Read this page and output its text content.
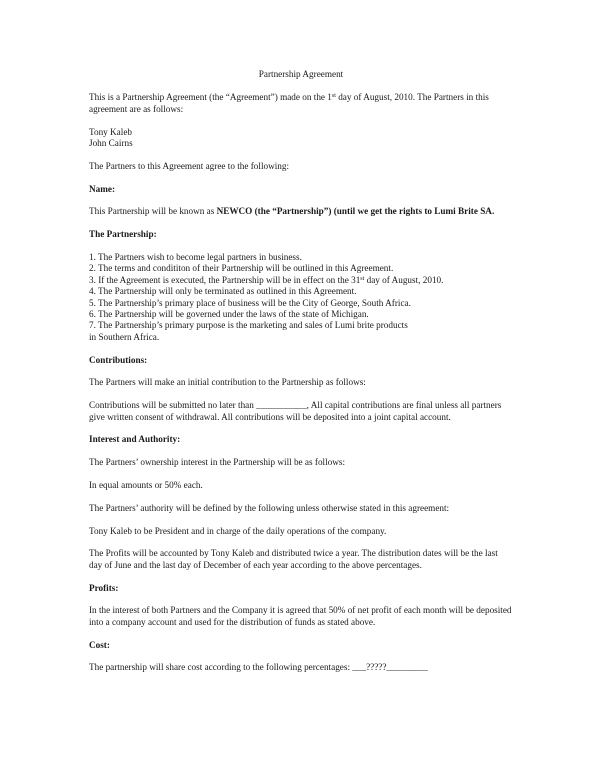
Partnership Agreement

This is a Partnership Agreement (the “Agreement”) made on the 1st day of August, 2010. The Partners in this agreement are as follows:

Tony Kaleb

John Cairns

The Partners to this Agreement agree to the following:

Name:

This Partnership will be known as NEWCO (the “Partnership”) (until we get the rights to Lumi Brite SA.

The Partnership:

1. The Partners wish to become legal partners in business.
2. The terms and condititon of their Partnership will be outlined in this Agreement.
3. If the Agreement is executed, the Partnership will be in effect on the 31st day of August, 2010.
4. The Partnership will only be terminated as outlined in this Agreement.
5. The Partnership’s primary place of business will be the City of George, South Africa.
6. The Partnership will be governed under the laws of the state of Michigan.
7. The Partnership’s primary purpose is the marketing and sales of Lumi brite products
in Southern Africa.

Contributions:

The Partners will make an initial contribution to the Partnership as follows:

Contributions will be submitted no later than ___________, All capital contributions are final unless all partners give written consent of withdrawal. All contributions will be deposited into a joint capital account.

Interest and Authority:

The Partners’ ownership interest in the Partnership will be as follows:

In equal amounts or 50% each.

The Partners’ authority will be defined by the following unless otherwise stated in this agreement:

Tony Kaleb to be President and in charge of the daily operations of the company.

The Profits will be accounted by Tony Kaleb and distributed twice a year. The distribution dates will be the last day of June and the last day of December of each year according to the above percentages.

Profits:

In the interest of both Partners and the Company it is agreed that 50% of net profit of each month will be deposited into a company account and used for the distribution of funds as stated above.

Cost:

The partnership will share cost according to the following percentages: ___?????_________
